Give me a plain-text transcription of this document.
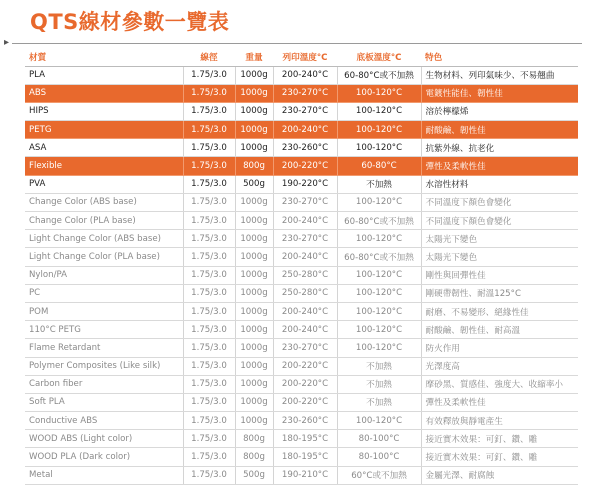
QTS線材參數一覽表
▸
材質	線徑	重量	列印溫度°C	底板溫度°C	特色
PLA	1.75/3.0	1000g	200-240°C	60-80°C或不加熱	生物材料、列印氣味少、不易翹曲
ABS	1.75/3.0	1000g	230-270°C	100-120°C	電鍍性能佳、韌性佳
HIPS	1.75/3.0	1000g	230-270°C	100-120°C	溶於檸檬烯
PETG	1.75/3.0	1000g	200-240°C	100-120°C	耐酸鹼、韌性佳
ASA	1.75/3.0	1000g	230-260°C	100-120°C	抗紫外線、抗老化
Flexible	1.75/3.0	800g	200-220°C	60-80°C	彈性及柔軟性佳
PVA	1.75/3.0	500g	190-220°C	不加熱	水溶性材料
Change Color (ABS base)	1.75/3.0	1000g	230-270°C	100-120°C	不同溫度下顏色會變化
Change Color (PLA base)	1.75/3.0	1000g	200-240°C	60-80°C或不加熱	不同溫度下顏色會變化
Light Change Color (ABS base)	1.75/3.0	1000g	230-270°C	100-120°C	太陽光下變色
Light Change Color (PLA base)	1.75/3.0	1000g	200-240°C	60-80°C或不加熱	太陽光下變色
Nylon/PA	1.75/3.0	1000g	250-280°C	100-120°C	剛性與回彈性佳
PC	1.75/3.0	1000g	250-280°C	100-120°C	剛硬帶韌性、耐溫125°C
POM	1.75/3.0	1000g	200-240°C	100-120°C	耐磨、不易變形、絕緣性佳
110°C PETG	1.75/3.0	1000g	200-240°C	100-120°C	耐酸鹼、韌性佳、耐高溫
Flame Retardant	1.75/3.0	1000g	230-270°C	100-120°C	防火作用
Polymer Composites (Like silk)	1.75/3.0	1000g	200-220°C	不加熱	光澤度高
Carbon fiber	1.75/3.0	1000g	200-220°C	不加熱	摩砂黑、質感佳、強度大、收縮率小
Soft PLA	1.75/3.0	1000g	200-220°C	不加熱	彈性及柔軟性佳
Conductive ABS	1.75/3.0	1000g	230-260°C	100-120°C	有效釋放與靜電產生
WOOD ABS (Light color)	1.75/3.0	800g	180-195°C	80-100°C	接近實木效果：可釘、鑽、雕
WOOD PLA (Dark color)	1.75/3.0	800g	180-195°C	80-100°C	接近實木效果：可釘、鑽、雕
Metal	1.75/3.0	500g	190-210°C	60°C或不加熱	金屬光澤、耐腐蝕
